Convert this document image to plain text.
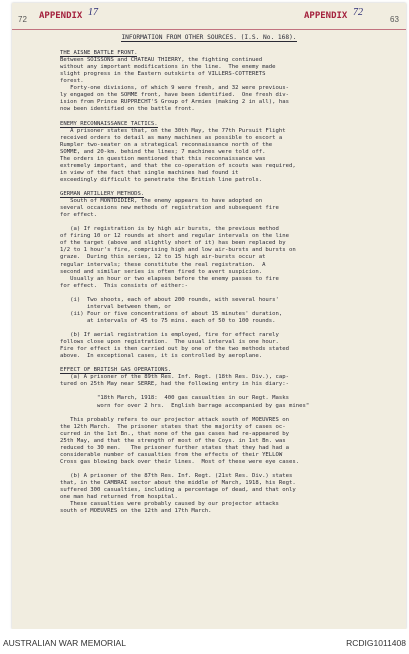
72 APPENDIX 17	APPENDIX 72
63
INFORMATION FROM OTHER SOURCES. (I.S. No. 168).
THE AISNE BATTLE FRONT.
Between SOISSONS and CHATEAU THIERRY, the fighting continued
without any important modifications in the line.  The enemy made
slight progress in the Eastern outskirts of VILLERS-COTTERETS
forest.
Forty-one divisions, of which 9 were fresh, and 32 were previous-
ly engaged on the SOMME front, have been identified.  One fresh div-
ision from Prince RUPPRECHT'S Group of Armies (making 2 in all), has
now been identified on the battle front.
ENEMY RECONNAISSANCE TACTICS.
A prisoner states that, on the 30th May, the 77th Pursuit Flight
received orders to detail as many machines as possible to escort a
Rumpler two-seater on a strategical reconnaissance north of the
SOMME, and 20-km. behind the lines; 7 machines were told off.
The orders in question mentioned that this reconnaissance was
extremely important, and that the co-operation of scouts was required,
in view of the fact that single machines had found it
exceedingly difficult to penetrate the British line patrols.
GERMAN ARTILLERY METHODS.
South of MONTDIDIER, the enemy appears to have adopted on
several occasions new methods of registration and subsequent fire
for effect.
(a) If registration is by high air bursts, the previous method
of firing 10 or 12 rounds at short and regular intervals on the line
of the target (above and slightly short of it) has been replaced by
1/2 to 1 hour's fire, comprising high and low air-bursts and bursts on
graze.  During this series, 12 to 15 high air-bursts occur at
regular intervals; these constitute the real registration.  A
second and similar series is often fired to avert suspicion.
Usually an hour or two elapses before the enemy passes to fire
for effect.  This consists of either:-
(i)  Two shoots, each of about 200 rounds, with several hours'
interval between them, or
(ii) Four or five concentrations of about 15 minutes' duration,
at intervals of 45 to 75 mins. each of 50 to 100 rounds.
(b) If aerial registration is employed, fire for effect rarely
follows close upon registration.  The usual interval is one hour.
Fire for effect is then carried out by one of the two methods stated
above.  In exceptional cases, it is controlled by aeroplane.
EFFECT OF BRITISH GAS OPERATIONS.
(a) A prisoner of the 89th Res. Inf. Regt. (18th Res. Div.), cap-
tured on 25th May near SERRE, had the following entry in his diary:-
"18th March, 1918:  400 gas casualties in our Regt. Masks
worn for over 2 hrs.  English barrage accompanied by gas mines"
This probably refers to our projector attack south of MOEUVRES on
the 12th March.  The prisoner states that the majority of cases oc-
curred in the 1st Bn., that none of the gas cases had re-appeared by
25th May, and that the strength of most of the Coys. in 1st Bn. was
reduced to 30 men.   The prisoner further states that they had had a
considerable number of casualties from the effects of their YELLOW
Cross gas blowing back over their lines.  Most of these were eye cases.
(b) A prisoner of the 87th Res. Inf. Regt. (21st Res. Div.) states
that, in the CAMBRAI sector about the middle of March, 1918, his Regt.
suffered 300 casualties, including a percentage of dead, and that only
one man had returned from hospital.
These casualties were probably caused by our projector attacks
south of MOEUVRES on the 12th and 17th March.
AUSTRALIAN WAR MEMORIAL	RCDIG1011408
